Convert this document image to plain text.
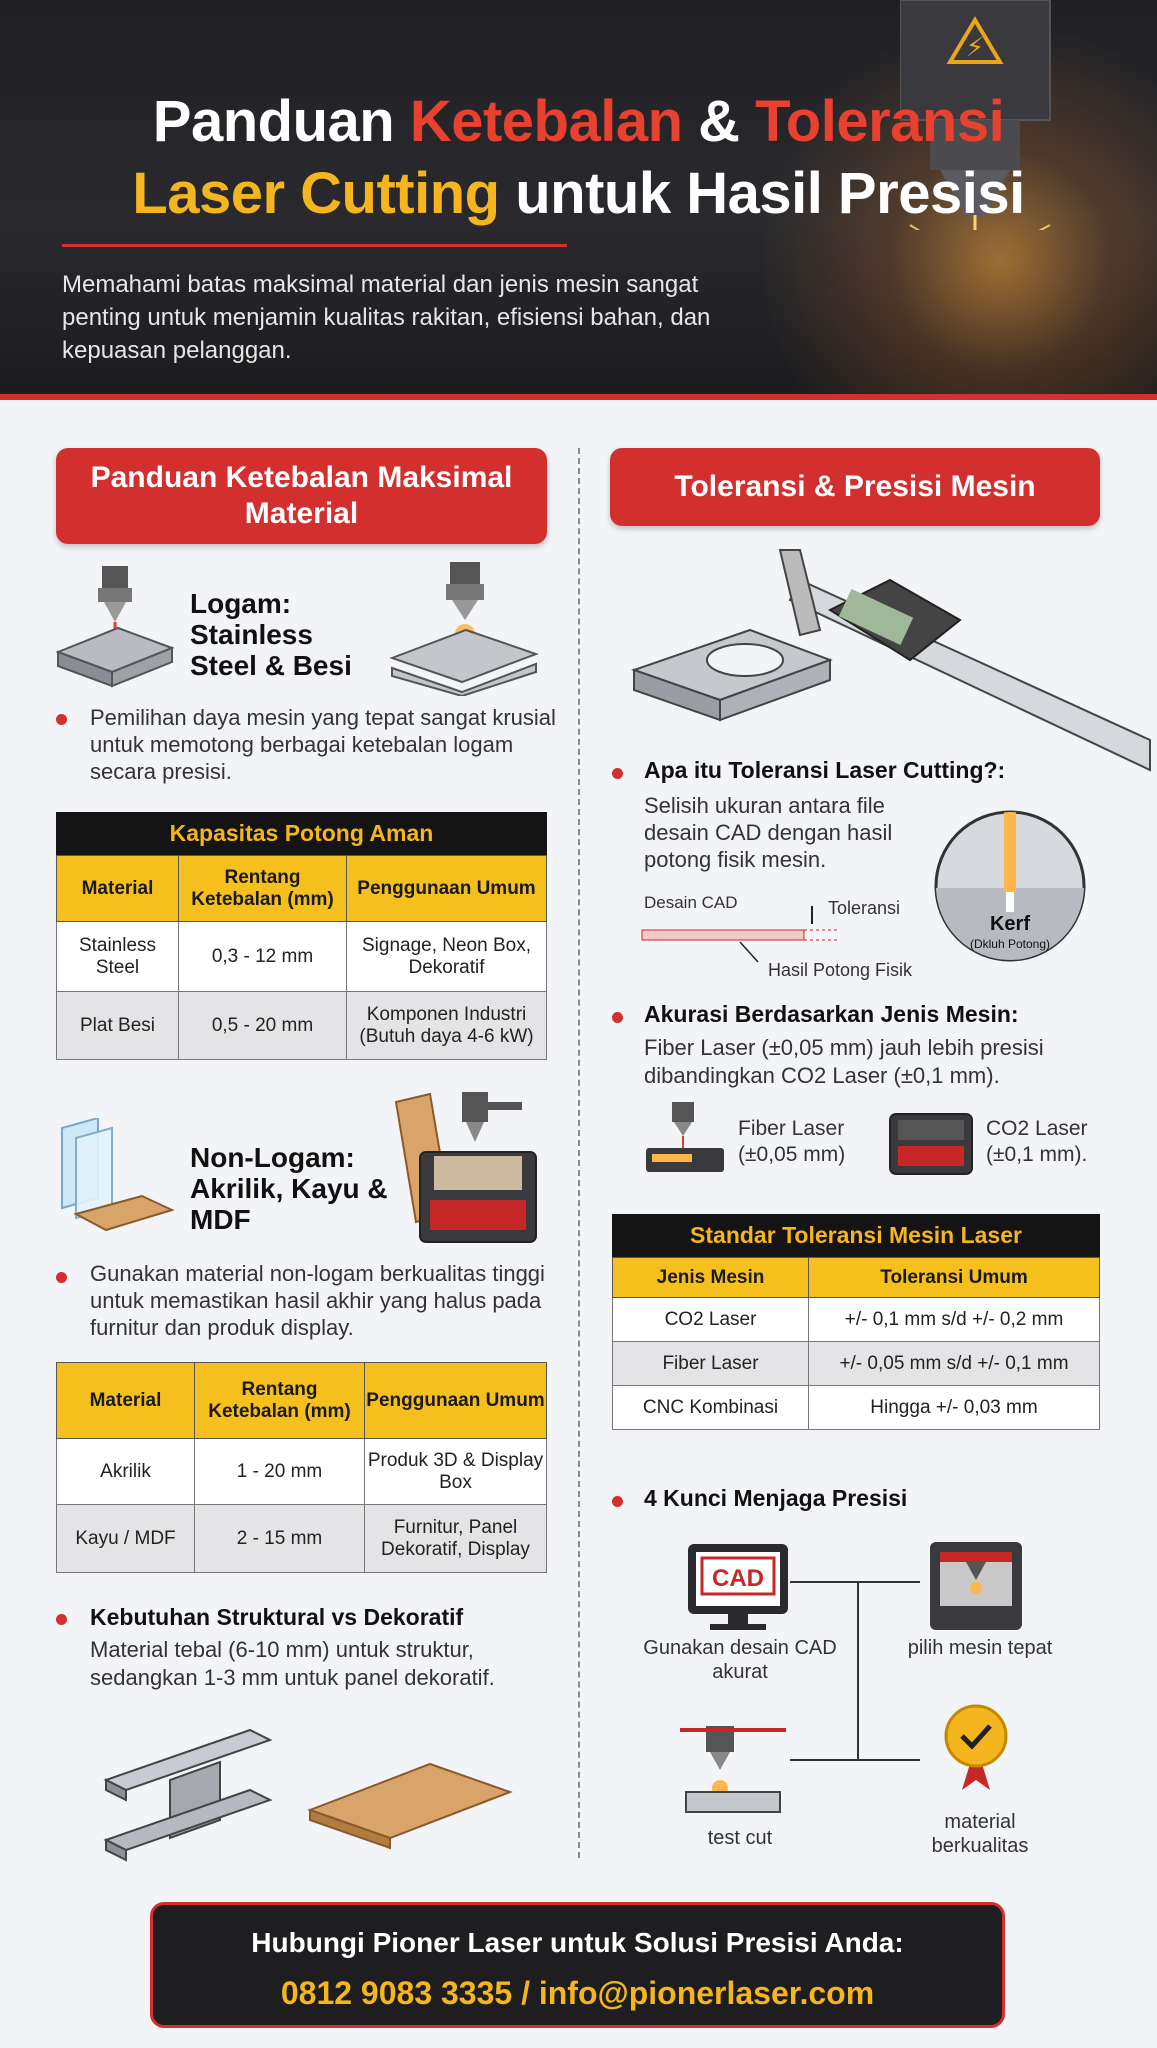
⚡
Panduan Ketebalan & Toleransi
Laser Cutting untuk Hasil Presisi
Memahami batas maksimal material dan jenis mesin sangat penting untuk menjamin kualitas rakitan, efisiensi bahan, dan kepuasan pelanggan.
Panduan Ketebalan Maksimal Material
Logam: Stainless Steel & Besi
Pemilihan daya mesin yang tepat sangat krusial untuk memotong berbagai ketebalan logam secara presisi.
Kapasitas Potong Aman
Material	Rentang Ketebalan (mm)	Penggunaan Umum
Stainless Steel	0,3 - 12 mm	Signage, Neon Box, Dekoratif
Plat Besi	0,5 - 20 mm	Komponen Industri (Butuh daya 4-6 kW)
Non-Logam: Akrilik, Kayu & MDF
Gunakan material non-logam berkualitas tinggi untuk memastikan hasil akhir yang halus pada furnitur dan produk display.
Material	Rentang Ketebalan (mm)	Penggunaan Umum
Akrilik	1 - 20 mm	Produk 3D & Display Box
Kayu / MDF	2 - 15 mm	Furnitur, Panel Dekoratif, Display
Kebutuhan Struktural vs Dekoratif
Material tebal (6-10 mm) untuk struktur, sedangkan 1-3 mm untuk panel dekoratif.
Toleransi & Presisi Mesin
Apa itu Toleransi Laser Cutting?:
Selisih ukuran antara file desain CAD dengan hasil potong fisik mesin.
Desain CAD	Toleransi
Hasil Potong Fisik
Kerf
(Dkluh Potong)
Akurasi Berdasarkan Jenis Mesin:
Fiber Laser (±0,05 mm) jauh lebih presisi dibandingkan CO2 Laser (±0,1 mm).
Fiber Laser
(±0,05 mm)
CO2 Laser
(±0,1 mm).
Standar Toleransi Mesin Laser
Jenis Mesin	Toleransi Umum
CO2 Laser	+/- 0,1 mm s/d +/- 0,2 mm
Fiber Laser	+/- 0,05 mm s/d +/- 0,1 mm
CNC Kombinasi	Hingga +/- 0,03 mm
4 Kunci Menjaga Presisi
CAD
Gunakan desain CAD akurat
pilih mesin tepat
test cut
material berkualitas
Hubungi Pioner Laser untuk Solusi Presisi Anda:
0812 9083 3335 / info@pionerlaser.com
